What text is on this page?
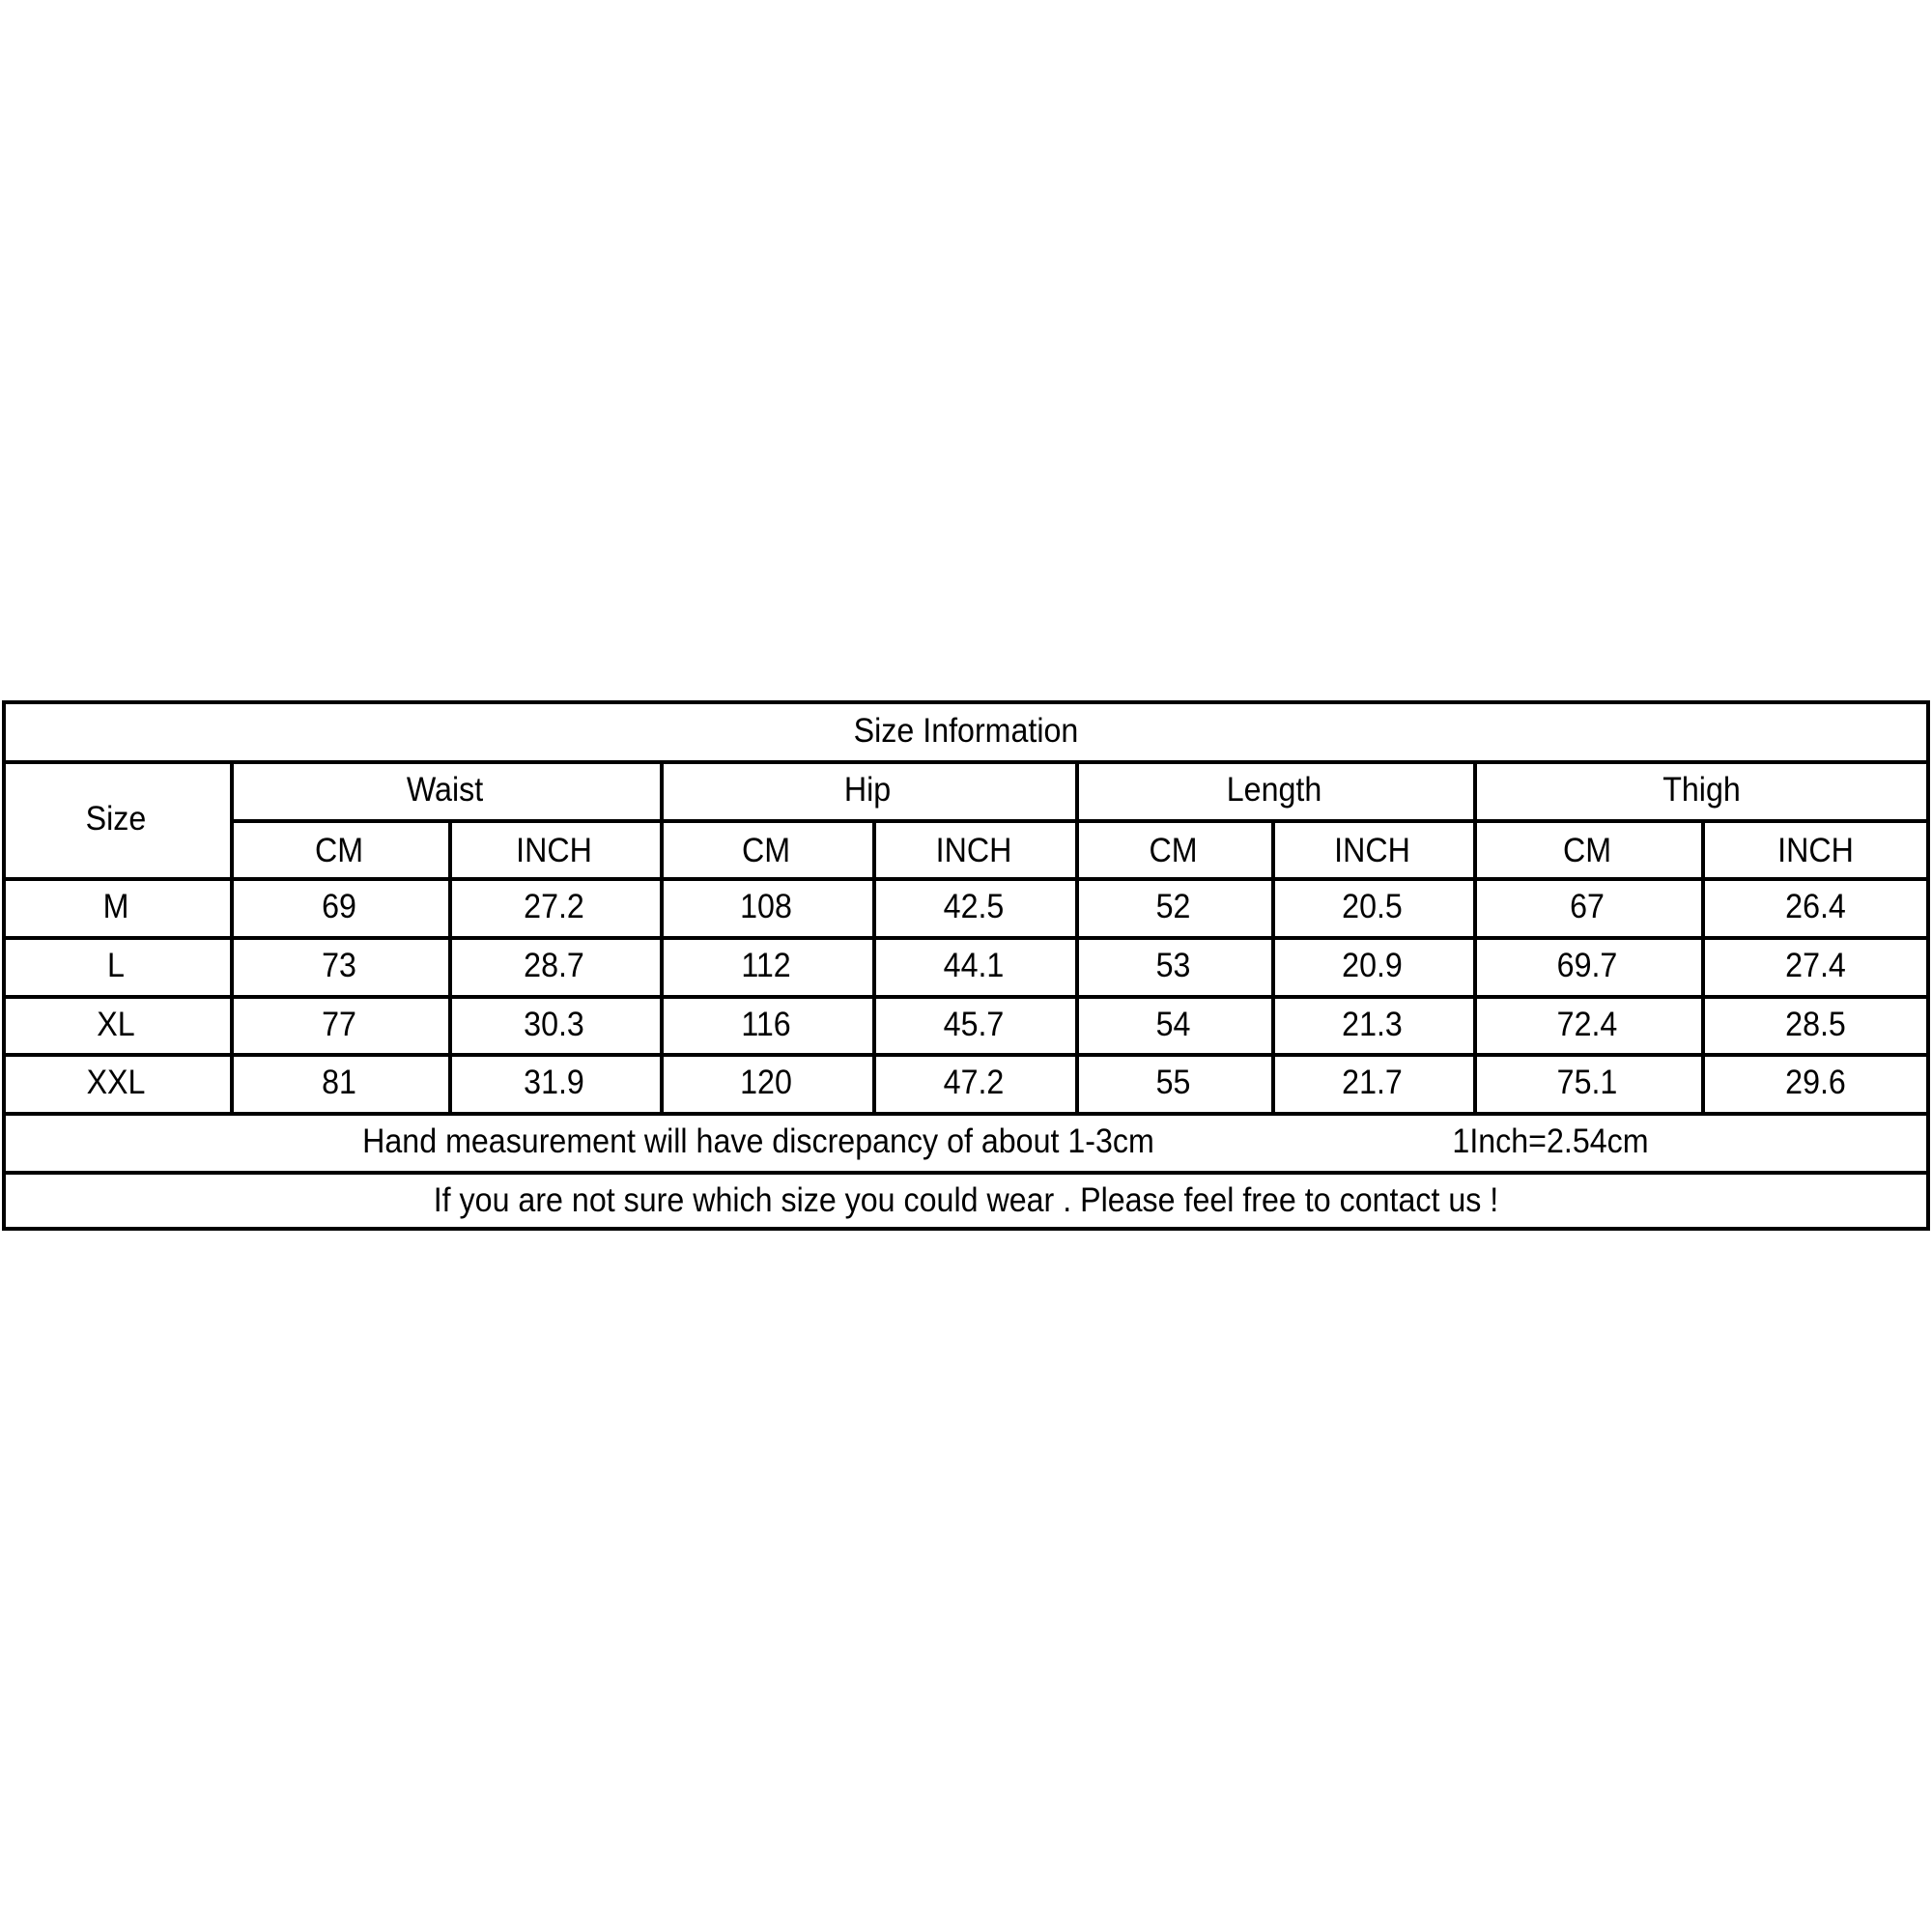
Size Information
Size
Waist	Hip	Length	Thigh
CM	INCH	CM	INCH	CM	INCH	CM	INCH
M	69	27.2	108	42.5	52	20.5	67	26.4
L	73	28.7	112	44.1	53	20.9	69.7	27.4
XL	77	30.3	116	45.7	54	21.3	72.4	28.5
XXL	81	31.9	120	47.2	55	21.7	75.1	29.6
Hand measurement will have discrepancy of about 1-3cm	1Inch=2.54cm
If you are not sure which size you could wear . Please feel free to contact us !
